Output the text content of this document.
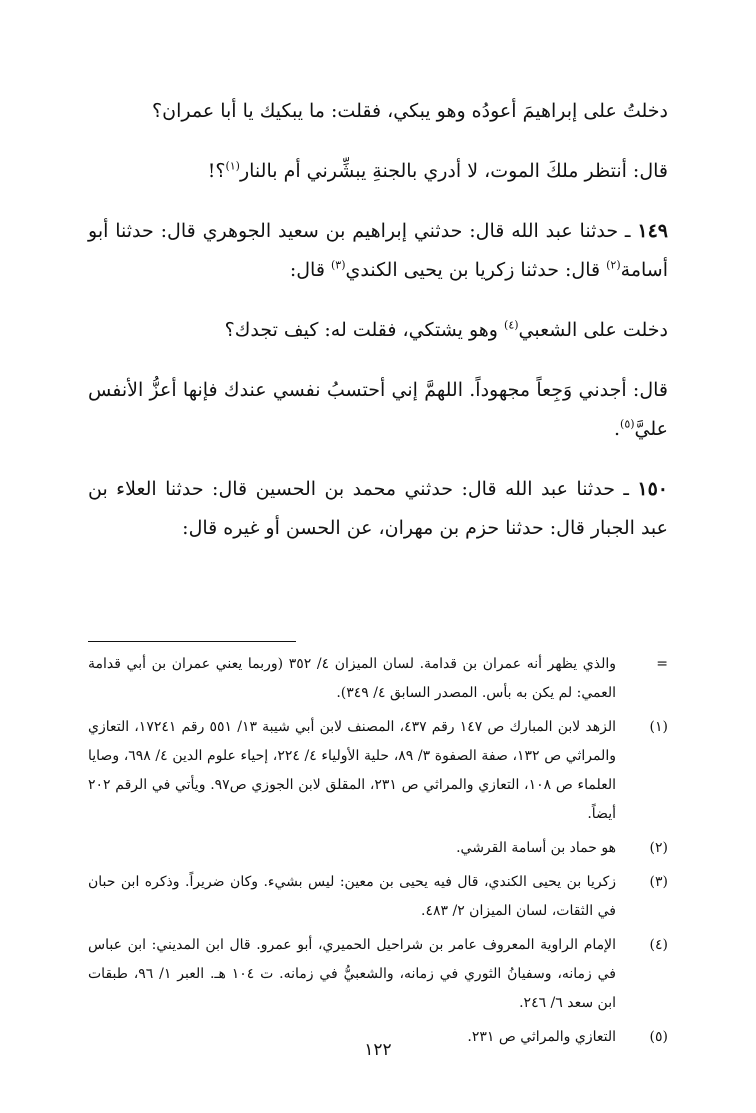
دخلتُ على إبراهيمَ أعودُه وهو يبكي، فقلت: ما يبكيك يا أبا عمران؟

قال: أنتظر ملكَ الموت، لا أدري بالجنةِ يبشِّرني أم بالنار$^{(١)}$؟!

١٤٩ ـ حدثنا عبد الله قال: حدثني إبراهيم بن سعيد الجوهري قال: حدثنا أبو أسامة$^{(٢)}$ قال: حدثنا زكريا بن يحيى الكندي$^{(٣)}$ قال:

دخلت على الشعبي$^{(٤)}$ وهو يشتكي، فقلت له: كيف تجدك؟

قال: أجدني وَجِعاً مجهوداً. اللهمَّ إني أحتسبُ نفسي عندك فإنها أعزُّ الأنفس عليَّ$^{(٥)}$.

١٥٠ ـ حدثنا عبد الله قال: حدثني محمد بن الحسين قال: حدثنا العلاء بن عبد الجبار قال: حدثنا حزم بن مهران، عن الحسن أو غيره قال:

=
والذي يظهر أنه عمران بن قدامة. لسان الميزان ٤/ ٣٥٢ (وربما يعني عمران بن أبي قدامة العمي: لم يكن به بأس. المصدر السابق ٤/ ٣٤٩).
(١)
الزهد لابن المبارك ص ١٤٧ رقم ٤٣٧، المصنف لابن أبي شيبة ١٣/ ٥٥١ رقم ١٧٢٤١، التعازي والمراثي ص ١٣٢، صفة الصفوة ٣/ ٨٩، حلية الأولياء ٤/ ٢٢٤، إحياء علوم الدين ٤/ ٦٩٨، وصايا العلماء ص ١٠٨، التعازي والمراثي ص ٢٣١، المقلق لابن الجوزي ص٩٧. ويأتي في الرقم ٢٠٢ أيضاً.
(٢)
هو حماد بن أسامة القرشي.
(٣)
زكريا بن يحيى الكندي، قال فيه يحيى بن معين: ليس بشيء. وكان ضريراً. وذكره ابن حبان في الثقات، لسان الميزان ٢/ ٤٨٣.
(٤)
الإمام الراوية المعروف عامر بن شراحيل الحميري، أبو عمرو. قال ابن المديني: ابن عباس في زمانه، وسفيانُ الثوري في زمانه، والشعبيُّ في زمانه. ت ١٠٤ هـ. العبر ١/ ٩٦، طبقات ابن سعد ٦/ ٢٤٦.
(٥)
التعازي والمراثي ص ٢٣١.
١٢٢
